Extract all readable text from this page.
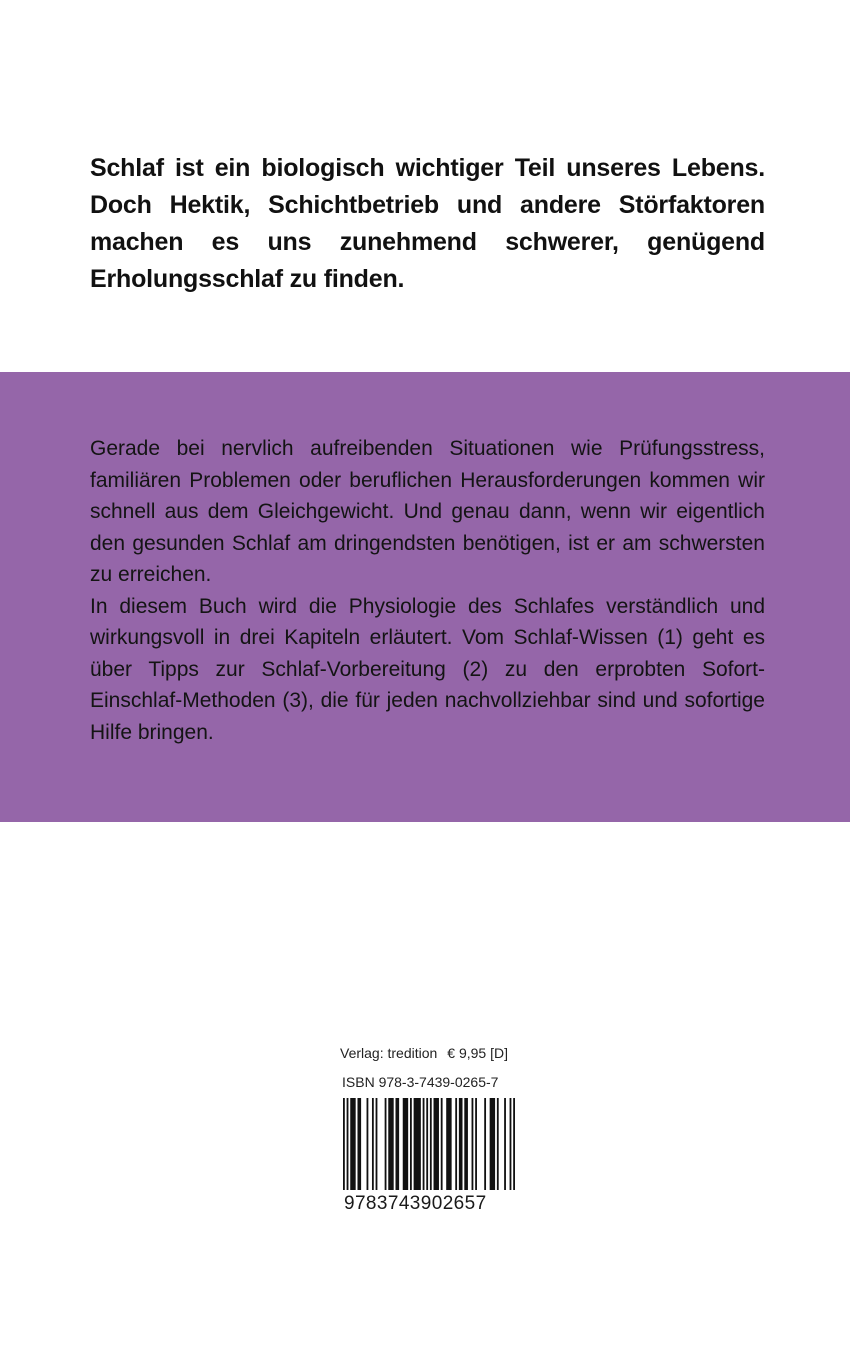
Schlaf ist ein biologisch wichtiger Teil unseres Lebens. Doch Hektik, Schichtbetrieb und andere Störfaktoren machen es uns zunehmend schwerer, genügend Erholungsschlaf zu finden.

Gerade bei nervlich aufreibenden Situationen wie Prüfungsstress, familiären Problemen oder beruflichen Herausforderungen kommen wir schnell aus dem Gleichgewicht. Und genau dann, wenn wir eigentlich den gesunden Schlaf am dringendsten benötigen, ist er am schwersten zu erreichen.
In diesem Buch wird die Physiologie des Schlafes verständlich und wirkungsvoll in drei Kapiteln erläutert. Vom Schlaf-Wissen (1) geht es über Tipps zur Schlaf-Vorbereitung (2) zu den erprobten Sofort-Einschlaf-Methoden (3), die für jeden nachvollziehbar sind und sofortige Hilfe bringen.
Verlag: tredition € 9,95 [D]
ISBN 978-3-7439-0265-7
9783743902657
